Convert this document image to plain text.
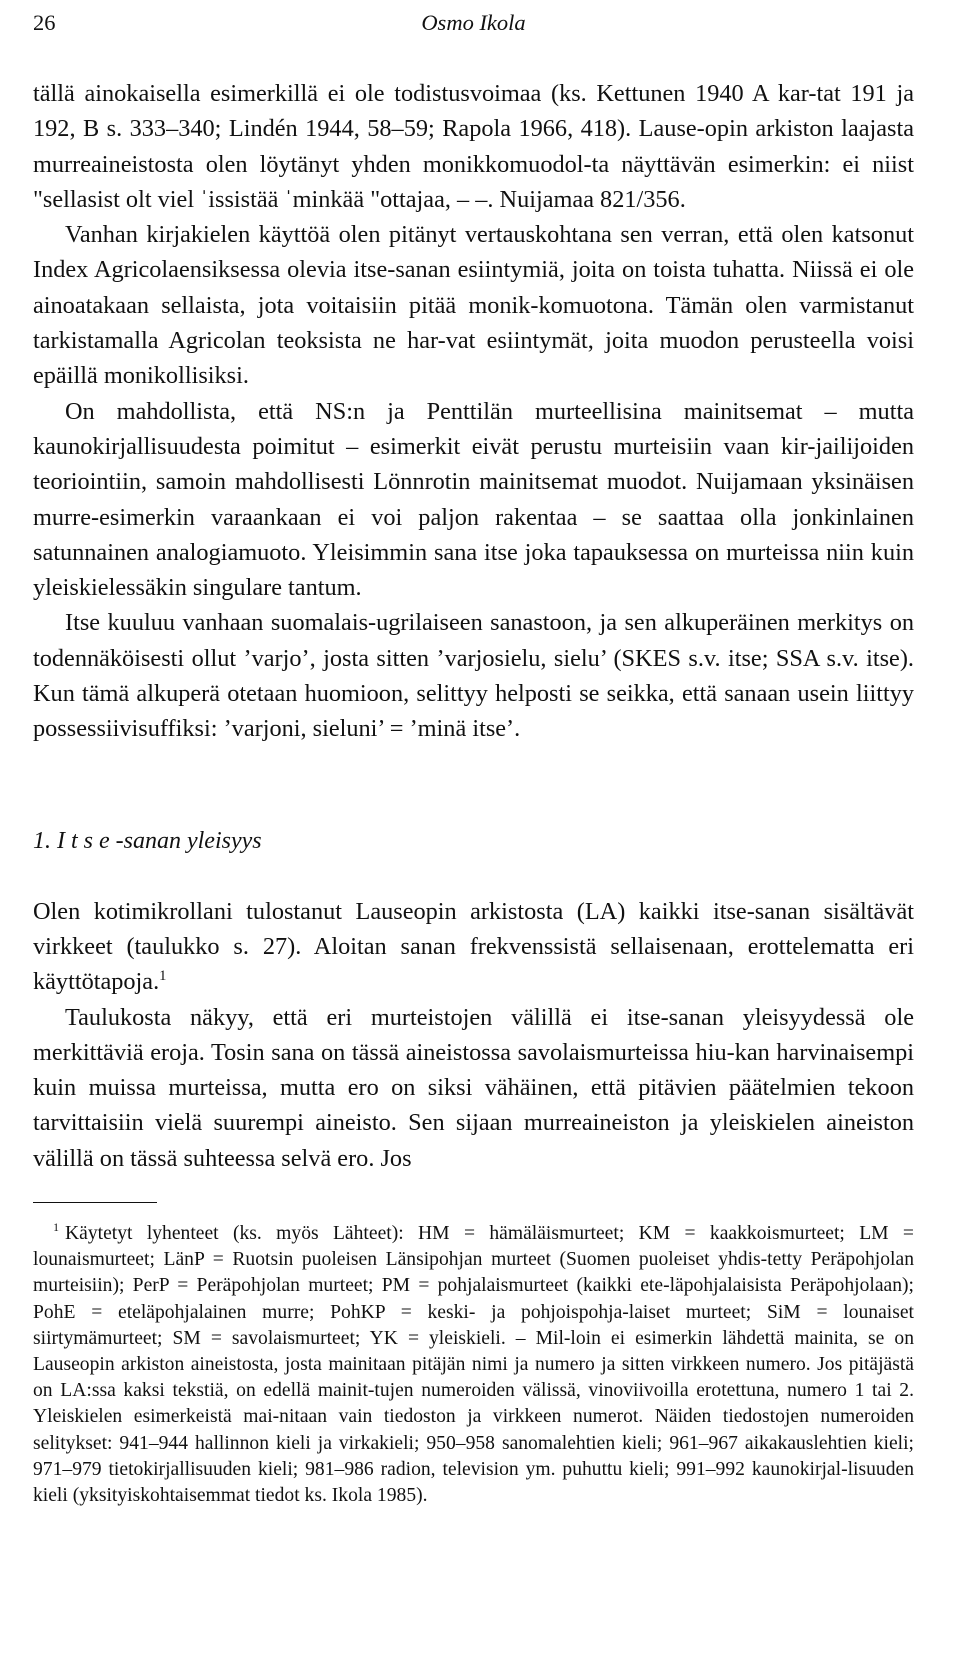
26	Osmo Ikola

tällä ainokaisella esimerkillä ei ole todistusvoimaa (ks. Kettunen 1940 A kar-tat 191 ja 192, B s. 333–340; Lindén 1944, 58–59; Rapola 1966, 418). Lause-opin arkiston laajasta murreaineistosta olen löytänyt yhden monikkomuodol-ta näyttävän esimerkin: ei niist "sellasist olt viel ˈissistää ˈminkää "ottajaa, – –. Nuijamaa 821/356.

Vanhan kirjakielen käyttöä olen pitänyt vertauskohtana sen verran, että olen katsonut Index Agricolaensiksessa olevia itse-sanan esiintymiä, joita on toista tuhatta. Niissä ei ole ainoatakaan sellaista, jota voitaisiin pitää monik-komuotona. Tämän olen varmistanut tarkistamalla Agricolan teoksista ne har-vat esiintymät, joita muodon perusteella voisi epäillä monikollisiksi.

On mahdollista, että NS:n ja Penttilän murteellisina mainitsemat – mutta kaunokirjallisuudesta poimitut – esimerkit eivät perustu murteisiin vaan kir-jailijoiden teoriointiin, samoin mahdollisesti Lönnrotin mainitsemat muodot. Nuijamaan yksinäisen murre-esimerkin varaankaan ei voi paljon rakentaa – se saattaa olla jonkinlainen satunnainen analogiamuoto. Yleisimmin sana itse joka tapauksessa on murteissa niin kuin yleiskielessäkin singulare tantum.

Itse kuuluu vanhaan suomalais-ugrilaiseen sanastoon, ja sen alkuperäinen merkitys on todennäköisesti ollut ’varjo’, josta sitten ’varjosielu, sielu’ (SKES s.v. itse; SSA s.v. itse). Kun tämä alkuperä otetaan huomioon, selittyy helposti se seikka, että sanaan usein liittyy possessiivisuffiksi: ’varjoni, sieluni’ = ’minä itse’.

1. I t s e -sanan yleisyys

Olen kotimikrollani tulostanut Lauseopin arkistosta (LA) kaikki itse-sanan sisältävät virkkeet (taulukko s. 27). Aloitan sanan frekvenssistä sellaisenaan, erottelematta eri käyttötapoja.$^1$

Taulukosta näkyy, että eri murteistojen välillä ei itse-sanan yleisyydessä ole merkittäviä eroja. Tosin sana on tässä aineistossa savolaismurteissa hiu-kan harvinaisempi kuin muissa murteissa, mutta ero on siksi vähäinen, että pitävien päätelmien tekoon tarvittaisiin vielä suurempi aineisto. Sen sijaan murreaineiston ja yleiskielen aineiston välillä on tässä suhteessa selvä ero. Jos

$^1$ Käytetyt lyhenteet (ks. myös Lähteet): HM = hämäläismurteet; KM = kaakkoismurteet; LM = lounaismurteet; LänP = Ruotsin puoleisen Länsipohjan murteet (Suomen puoleiset yhdis-tetty Peräpohjolan murteisiin); PerP = Peräpohjolan murteet; PM = pohjalaismurteet (kaikki ete-läpohjalaisista Peräpohjolaan); PohE = eteläpohjalainen murre; PohKP = keski- ja pohjoispohja-laiset murteet; SiM = lounaiset siirtymämurteet; SM = savolaismurteet; YK = yleiskieli. – Mil-loin ei esimerkin lähdettä mainita, se on Lauseopin arkiston aineistosta, josta mainitaan pitäjän nimi ja numero ja sitten virkkeen numero. Jos pitäjästä on LA:ssa kaksi tekstiä, on edellä mainit-tujen numeroiden välissä, vinoviivoilla erotettuna, numero 1 tai 2. Yleiskielen esimerkeistä mai-nitaan vain tiedoston ja virkkeen numerot. Näiden tiedostojen numeroiden selitykset: 941–944 hallinnon kieli ja virkakieli; 950–958 sanomalehtien kieli; 961–967 aikakauslehtien kieli; 971–979 tietokirjallisuuden kieli; 981–986 radion, television ym. puhuttu kieli; 991–992 kaunokirjal-lisuuden kieli (yksityiskohtaisemmat tiedot ks. Ikola 1985).
